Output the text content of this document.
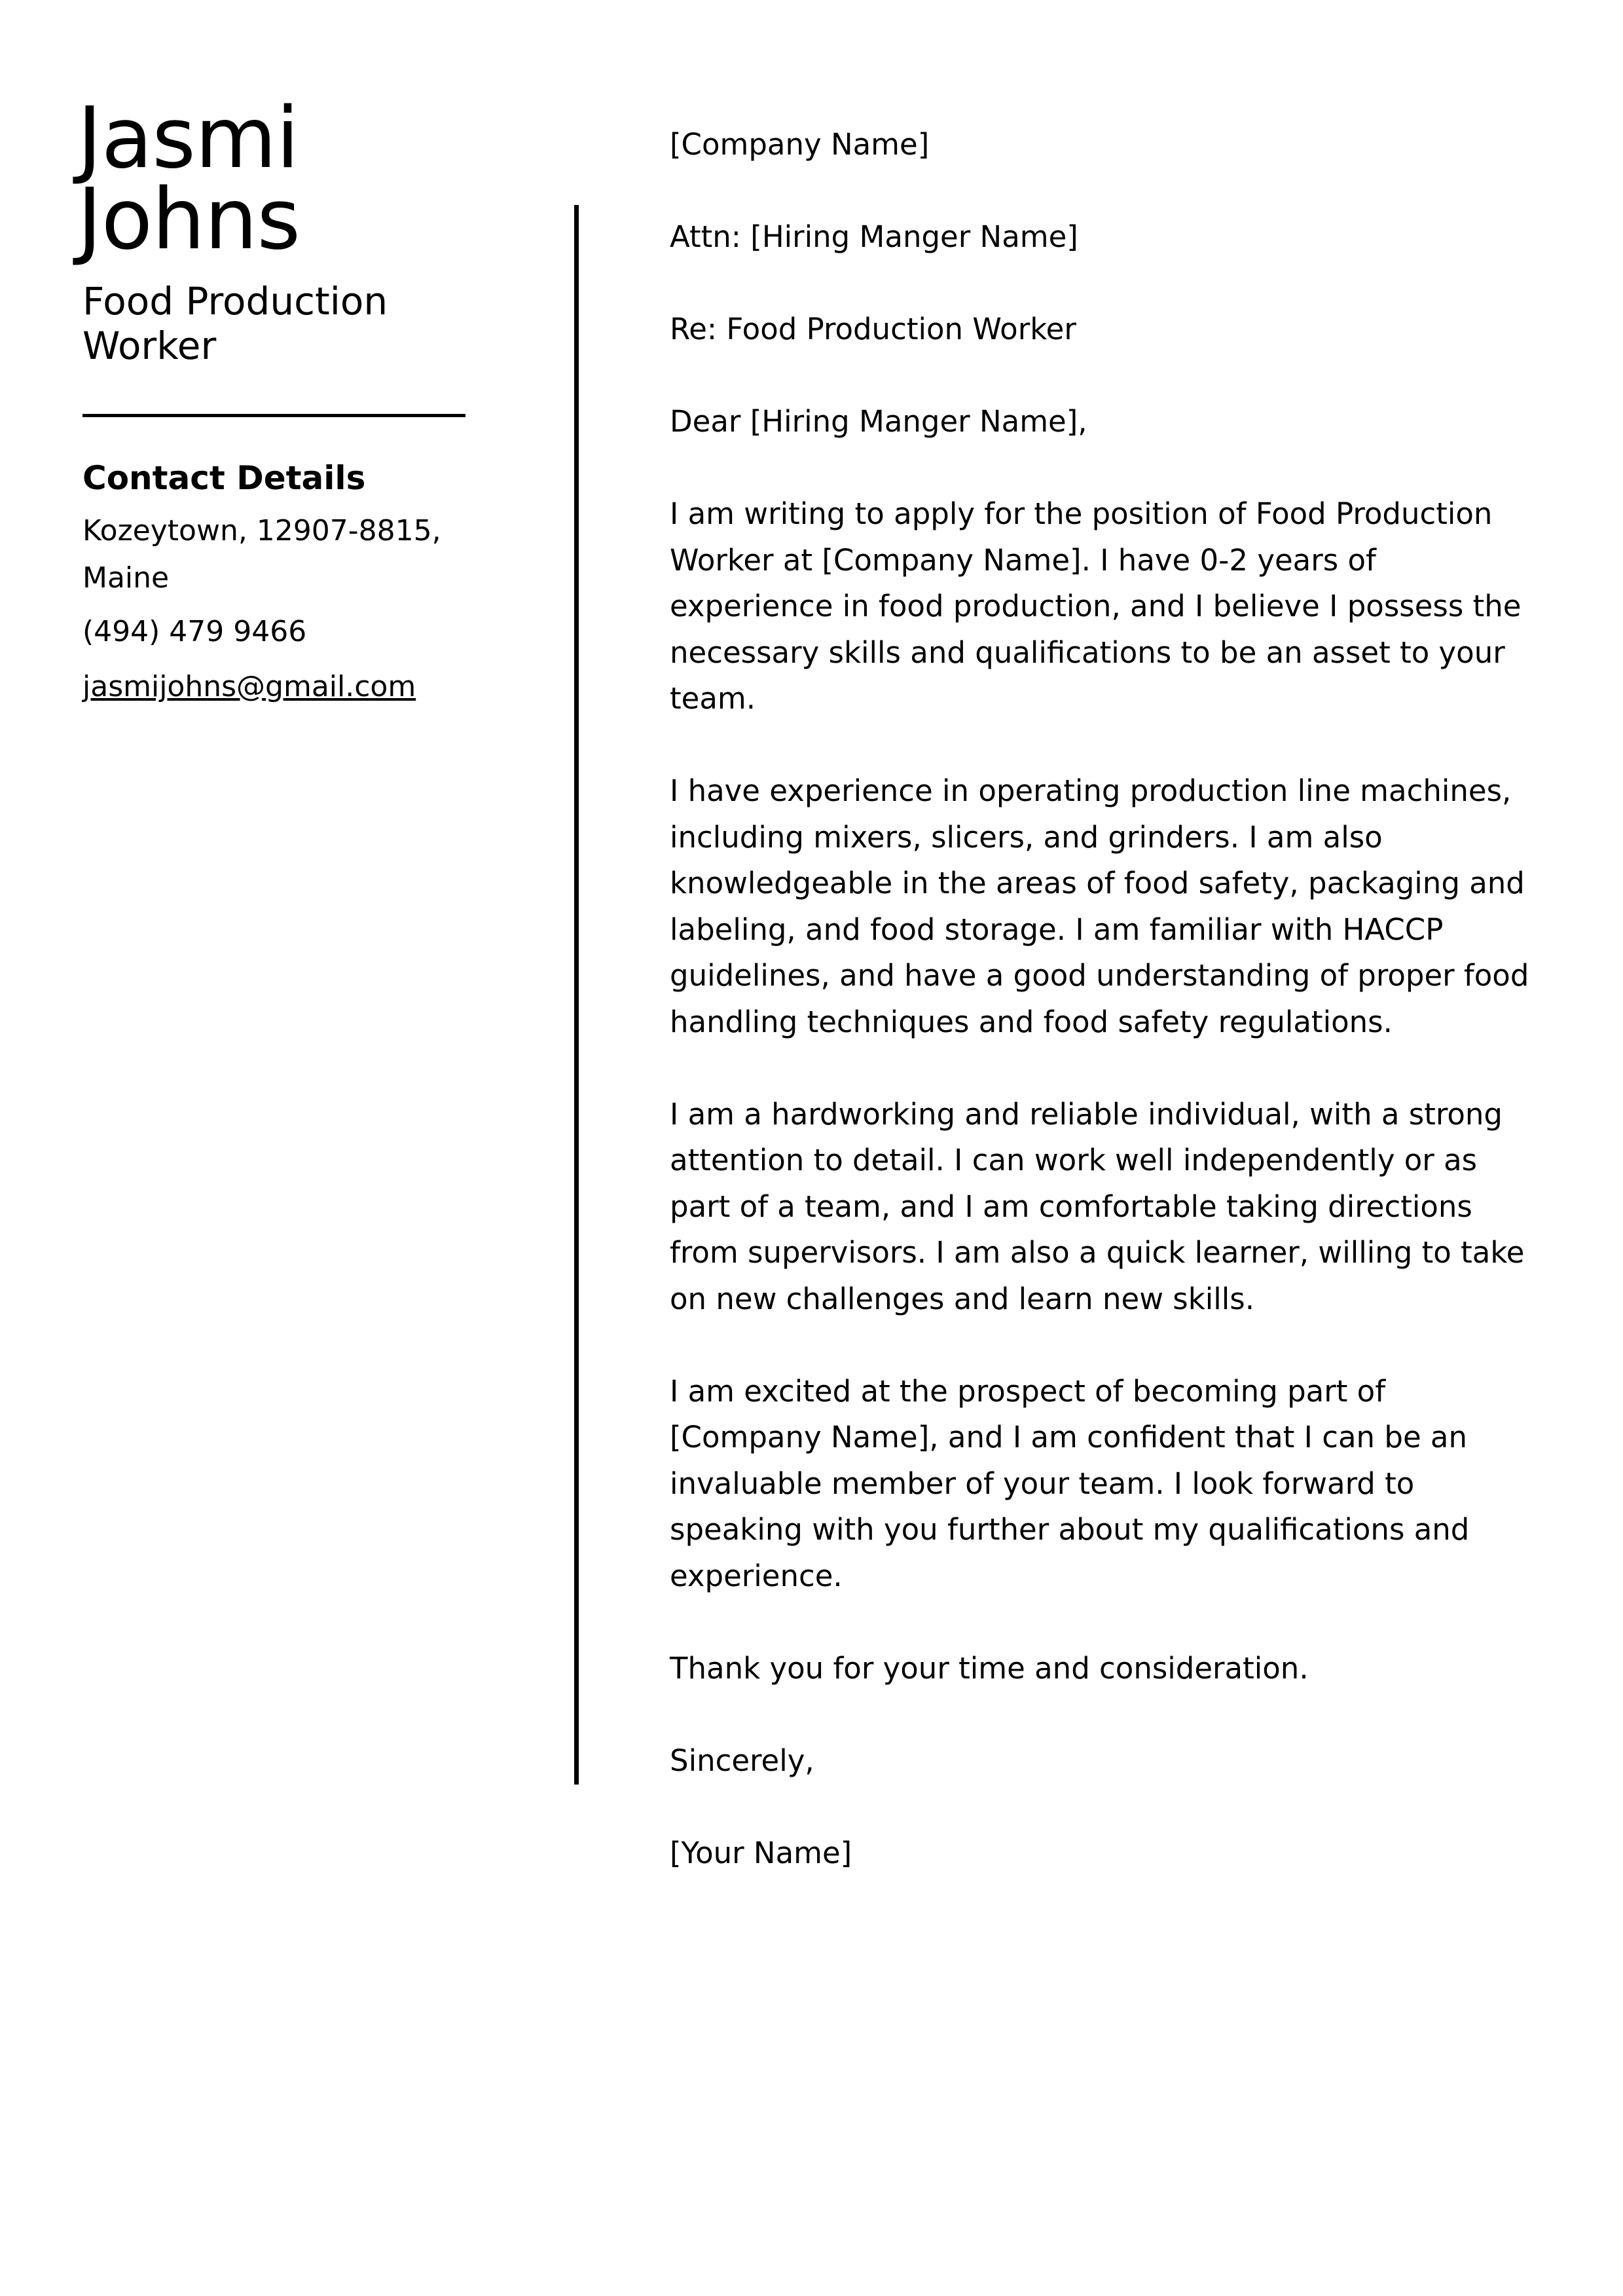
Jasmi
Johns
Food Production Worker
Contact Details
Kozeytown, 12907-8815, Maine
(494) 479 9466
jasmijohns@gmail.com

[Company Name]

Attn: [Hiring Manger Name]

Re: Food Production Worker

Dear [Hiring Manger Name],

I am writing to apply for the position of Food Production Worker at [Company Name]. I have 0-2 years of experience in food production, and I believe I possess the necessary skills and qualifications to be an asset to your team.

I have experience in operating production line machines, including mixers, slicers, and grinders. I am also knowledgeable in the areas of food safety, packaging and labeling, and food storage. I am familiar with HACCP guidelines, and have a good understanding of proper food handling techniques and food safety regulations.

I am a hardworking and reliable individual, with a strong attention to detail. I can work well independently or as part of a team, and I am comfortable taking directions from supervisors. I am also a quick learner, willing to take on new challenges and learn new skills.

I am excited at the prospect of becoming part of [Company Name], and I am confident that I can be an invaluable member of your team. I look forward to speaking with you further about my qualifications and experience.

Thank you for your time and consideration.

Sincerely,

[Your Name]
